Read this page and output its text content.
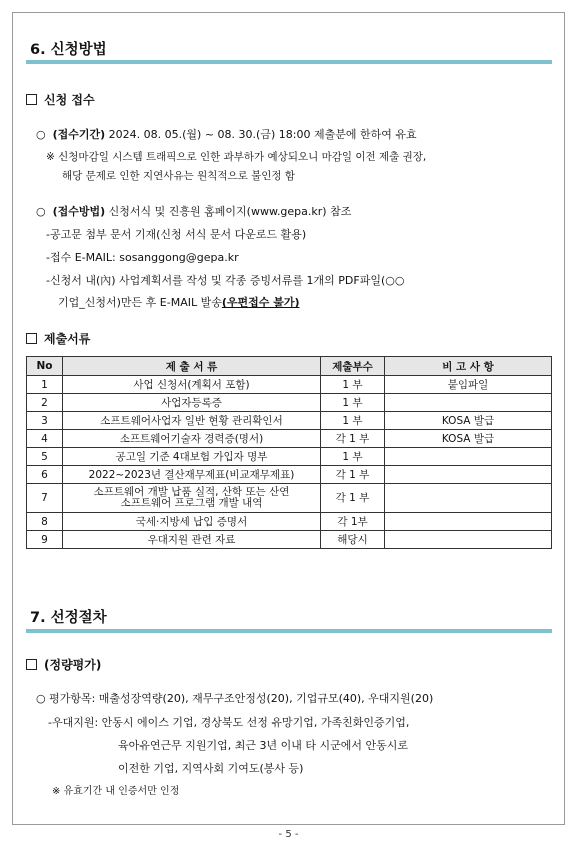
6. 신청방법
신청 접수
○ (접수기간) 2024. 08. 05.(월) ~ 08. 30.(금) 18:00 제출분에 한하여 유효
※ 신청마감일 시스템 트래픽으로 인한 과부하가 예상되오니 마감일 이전 제출 권장,
해당 문제로 인한 지연사유는 원칙적으로 불인정 함
○ (접수방법) 신청서식 및 진흥원 홈페이지(www.gepa.kr) 참조
-공고문 첨부 문서 기재(신청 서식 문서 다운로드 활용)
-접수 E-MAIL: sosanggong@gepa.kr
-신청서 내(內) 사업계획서를 작성 및 각종 증빙서류를 1개의 PDF파일(○○
기업_신청서)만든 후 E-MAIL 발송(우편접수 불가)
제출서류
No	제 출 서 류	제출부수	비 고 사 항
1	사업 신청서(계획서 포함)	1 부	붙임파일
2	사업자등록증	1 부	
3	소프트웨어사업자 일반 현황 관리확인서	1 부	KOSA 발급
4	소프트웨어기술자 경력증(명서)	각 1 부	KOSA 발급
5	공고일 기준 4대보험 가입자 명부	1 부	
6	2022~2023년 결산재무제표(비교재무제표)	각 1 부	
7	소프트웨어 개발 납품 실적, 산학 또는 산연
소프트웨어 프로그램 개발 내역	각 1 부	
8	국세·지방세 납입 증명서	각 1부	
9	우대지원 관련 자료	해당시	
7. 선정절차
(정량평가)
○ 평가항목: 매출성장역량(20), 재무구조안정성(20), 기업규모(40), 우대지원(20)
-우대지원: 안동시 에이스 기업, 경상북도 선정 유망기업, 가족친화인증기업,
육아유연근무 지원기업, 최근 3년 이내 타 시군에서 안동시로
이전한 기업, 지역사회 기여도(봉사 등)
※ 유효기간 내 인증서만 인정
- 5 -
